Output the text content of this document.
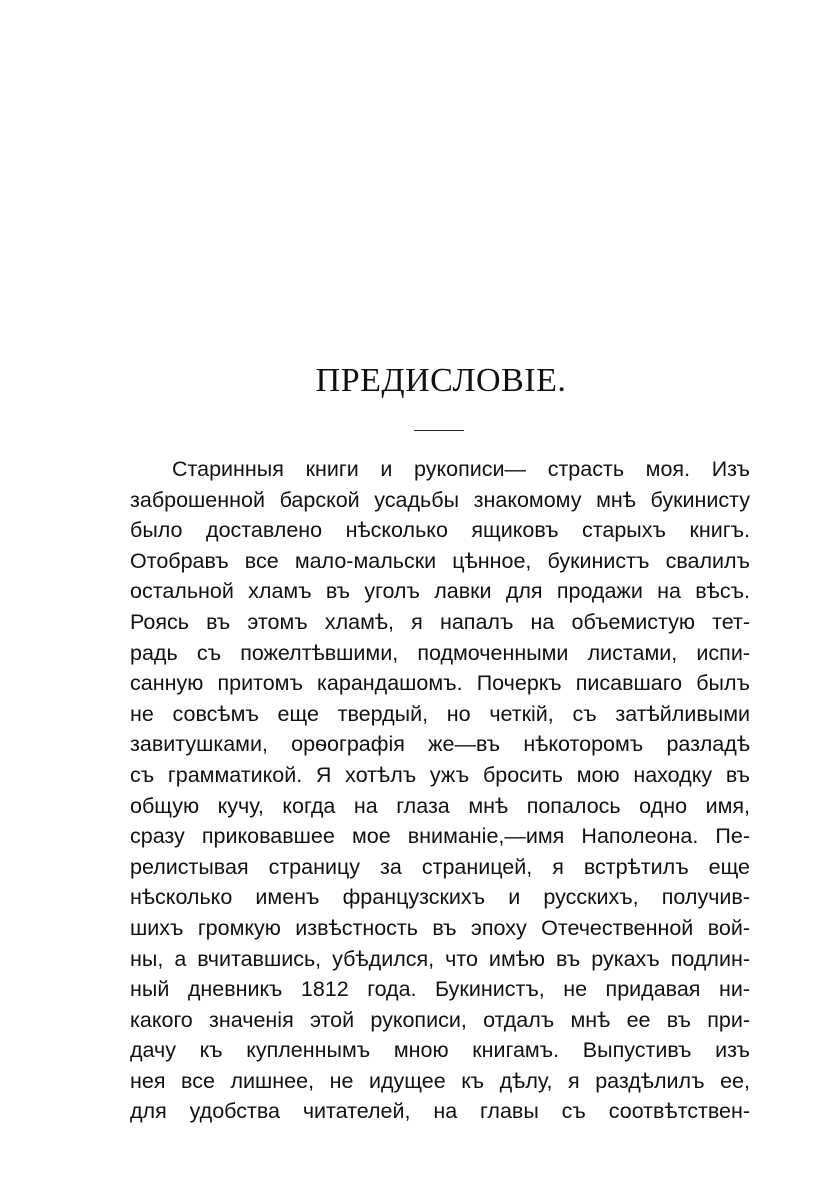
ПРЕДИСЛОВІЕ.
Старинныя книги и рукописи— страсть моя. Изъ
заброшенной барской усадьбы знакомому мнѣ букинисту
было доставлено нѣсколько ящиковъ старыхъ книгъ.
Отобравъ все мало-мальски цѣнное, букинистъ свалилъ
остальной хламъ въ уголъ лавки для продажи на вѣсъ.
Роясь въ этомъ хламѣ, я напалъ на объемистую тет-
радь съ пожелтѣвшими, подмоченными листами, испи-
санную притомъ карандашомъ. Почеркъ писавшаго былъ
не совсѣмъ еще твердый, но четкій, съ затѣйливыми
завитушками, орѳографія же—въ нѣкоторомъ разладѣ
съ грамматикой. Я хотѣлъ ужъ бросить мою находку въ
общую кучу, когда на глаза мнѣ попалось одно имя,
сразу приковавшее мое вниманіе,—имя Наполеона. Пе-
релистывая страницу за страницей, я встрѣтилъ еще
нѣсколько именъ французскихъ и русскихъ, получив-
шихъ громкую извѣстность въ эпоху Отечественной вой-
ны, а вчитавшись, убѣдился, что имѣю въ рукахъ подлин-
ный дневникъ 1812 года. Букинистъ, не придавая ни-
какого значенія этой рукописи, отдалъ мнѣ ее въ при-
дачу къ купленнымъ мною книгамъ. Выпустивъ изъ
нея все лишнее, не идущее къ дѣлу, я раздѣлилъ ее,
для удобства читателей, на главы съ соотвѣтствен-
